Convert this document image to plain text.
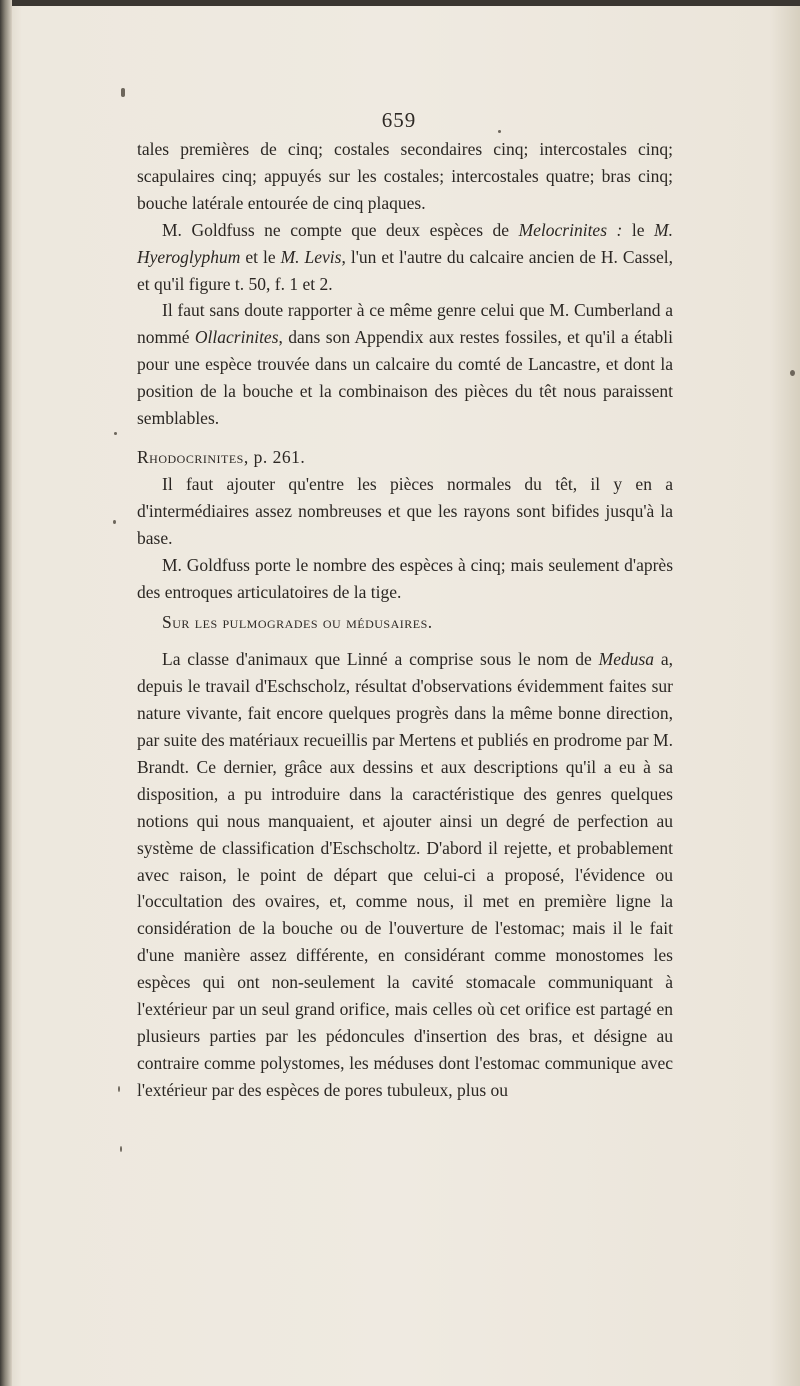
659

tales premières de cinq; costales secondaires cinq; intercostales cinq; scapulaires cinq; appuyés sur les costales; intercostales quatre; bras cinq; bouche latérale entourée de cinq plaques.

M. Goldfuss ne compte que deux espèces de Melocrinites : le M. Hyeroglyphum et le M. Levis, l'un et l'autre du calcaire ancien de H. Cassel, et qu'il figure t. 50, f. 1 et 2.

Il faut sans doute rapporter à ce même genre celui que M. Cumberland a nommé Ollacrinites, dans son Appendix aux restes fossiles, et qu'il a établi pour une espèce trouvée dans un calcaire du comté de Lancastre, et dont la position de la bouche et la combinaison des pièces du têt nous paraissent semblables.

Rhodocrinites, p. 261.

Il faut ajouter qu'entre les pièces normales du têt, il y en a d'intermédiaires assez nombreuses et que les rayons sont bifides jusqu'à la base.

M. Goldfuss porte le nombre des espèces à cinq; mais seulement d'après des entroques articulatoires de la tige.

Sur les pulmogrades ou médusaires.

La classe d'animaux que Linné a comprise sous le nom de Medusa a, depuis le travail d'Eschscholz, résultat d'observations évidemment faites sur nature vivante, fait encore quelques progrès dans la même bonne direction, par suite des matériaux recueillis par Mertens et publiés en prodrome par M. Brandt. Ce dernier, grâce aux dessins et aux descriptions qu'il a eu à sa disposition, a pu introduire dans la caractéristique des genres quelques notions qui nous manquaient, et ajouter ainsi un degré de perfection au système de classification d'Eschscholtz. D'abord il rejette, et probablement avec raison, le point de départ que celui-ci a proposé, l'évidence ou l'occultation des ovaires, et, comme nous, il met en première ligne la considération de la bouche ou de l'ouverture de l'estomac; mais il le fait d'une manière assez différente, en considérant comme monostomes les espèces qui ont non-seulement la cavité stomacale communiquant à l'extérieur par un seul grand orifice, mais celles où cet orifice est partagé en plusieurs parties par les pédoncules d'insertion des bras, et désigne au contraire comme polystomes, les méduses dont l'estomac communique avec l'extérieur par des espèces de pores tubuleux, plus ou
